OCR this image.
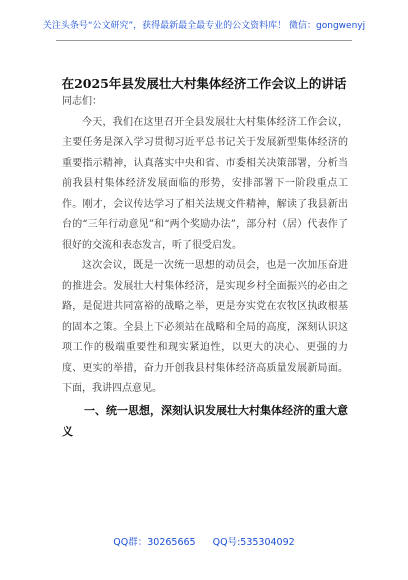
关注头条号“公文研究”，获得最新最全最专业的公文资料库！ 微信：gongwenyj
在2025年县发展壮大村集体经济工作会议上的讲话

同志们：

今天，我们在这里召开全县发展壮大村集体经济工作会议，主要任务是深入学习贯彻习近平总书记关于发展新型集体经济的重要指示精神，认真落实中央和省、市委相关决策部署，分析当前我县村集体经济发展面临的形势，安排部署下一阶段重点工作。刚才，会议传达学习了相关法规文件精神，解读了我县新出台的“三年行动意见”和“两个奖励办法”，部分村（居）代表作了很好的交流和表态发言，听了很受启发。

这次会议，既是一次统一思想的动员会，也是一次加压奋进的推进会。发展壮大村集体经济，是实现乡村全面振兴的必由之路，是促进共同富裕的战略之举，更是夯实党在农牧区执政根基的固本之策。全县上下必须站在战略和全局的高度，深刻认识这项工作的极端重要性和现实紧迫性，以更大的决心、更强的力度、更实的举措，奋力开创我县村集体经济高质量发展新局面。下面，我讲四点意见。

一、统一思想，深刻认识发展壮大村集体经济的重大意义

QQ群：30265665 QQ号:535304092
